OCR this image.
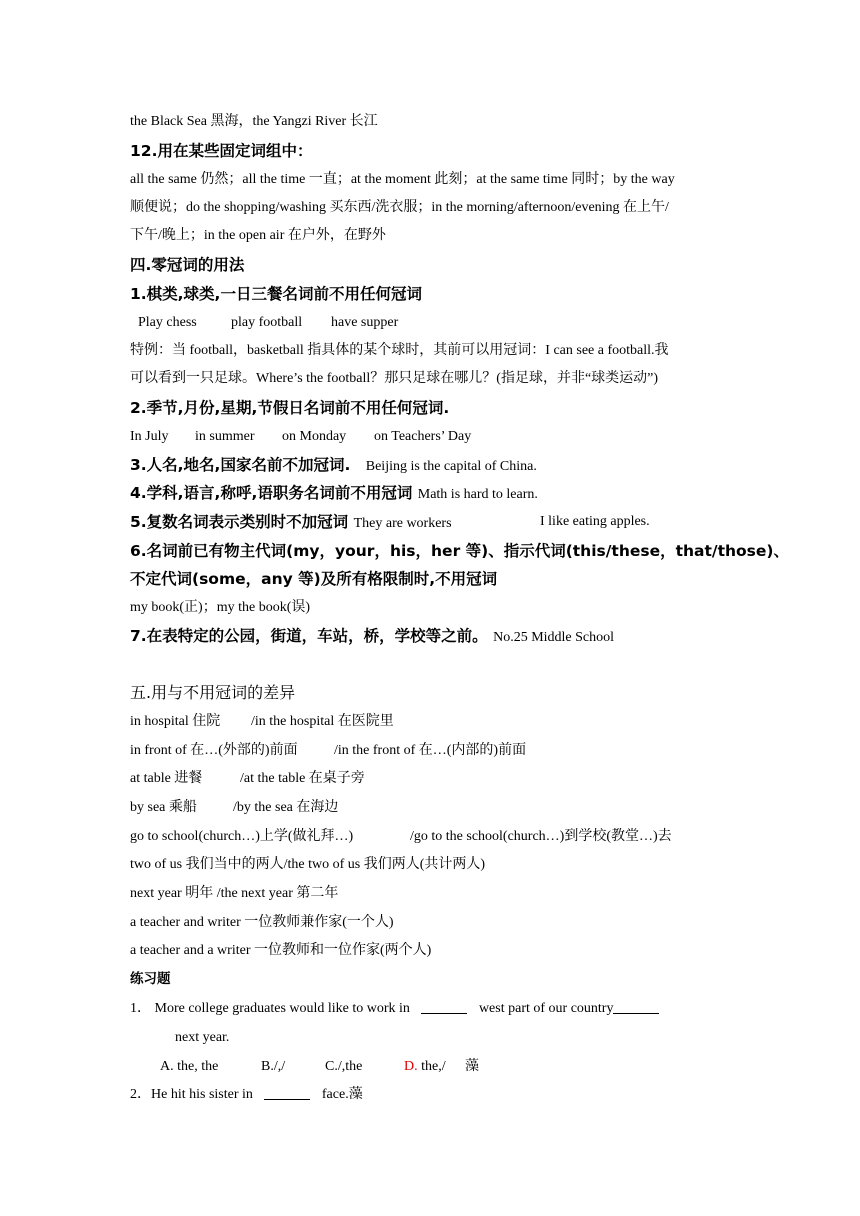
the Black Sea 黑海，the Yangzi River 长江
12.用在某些固定词组中：
all the same 仍然；all the time 一直；at the moment 此刻；at the same time 同时；by the way
顺便说；do the shopping/washing 买东西/洗衣服；in the morning/afternoon/evening 在上午/
下午/晚上；in the open air 在户外，在野外
四.零冠词的用法
1.棋类,球类,一日三餐名词前不用任何冠词
Play chess play football have supper
特例：当 football，basketball 指具体的某个球时，其前可以用冠词：I can see a football.我
可以看到一只足球。Where’s the football？那只足球在哪儿？(指足球，并非“球类运动”)
2.季节,月份,星期,节假日名词前不用任何冠词.
In July in summer on Monday on Teachers’ Day
3.人名,地名,国家名前不加冠词. Beijing is the capital of China.
4.学科,语言,称呼,语职务名词前不用冠词 Math is hard to learn.
5.复数名词表示类别时不加冠词 They are workers	I like eating apples.
6.名词前已有物主代词(my，your，his，her 等)、指示代词(this/these，that/those)、
不定代词(some，any 等)及所有格限制时,不用冠词
my book(正)；my the book(误)
7.在表特定的公园，街道，车站，桥，学校等之前。 No.25 Middle School
五.用与不用冠词的差异
in hospital 住院 /in the hospital 在医院里
in front of 在…(外部的)前面	/in the front of 在…(内部的)前面
at table 进餐	/at the table 在桌子旁
by sea 乘船	/by the sea 在海边
go to school(church…)上学(做礼拜…)	/go to the school(church…)到学校(教堂…)去
two of us 我们当中的两人/the two of us 我们两人(共计两人)
next year 明年 /the next year 第二年
a teacher and writer 一位教师兼作家(一个人)
a teacher and a writer 一位教师和一位作家(两个人)
练习题
1． More college graduates would like to work in	west part of our country
next year.
A. the, the	B./,/	C./,the	D. the,/ 藻
2．He hit his sister in	face.藻
